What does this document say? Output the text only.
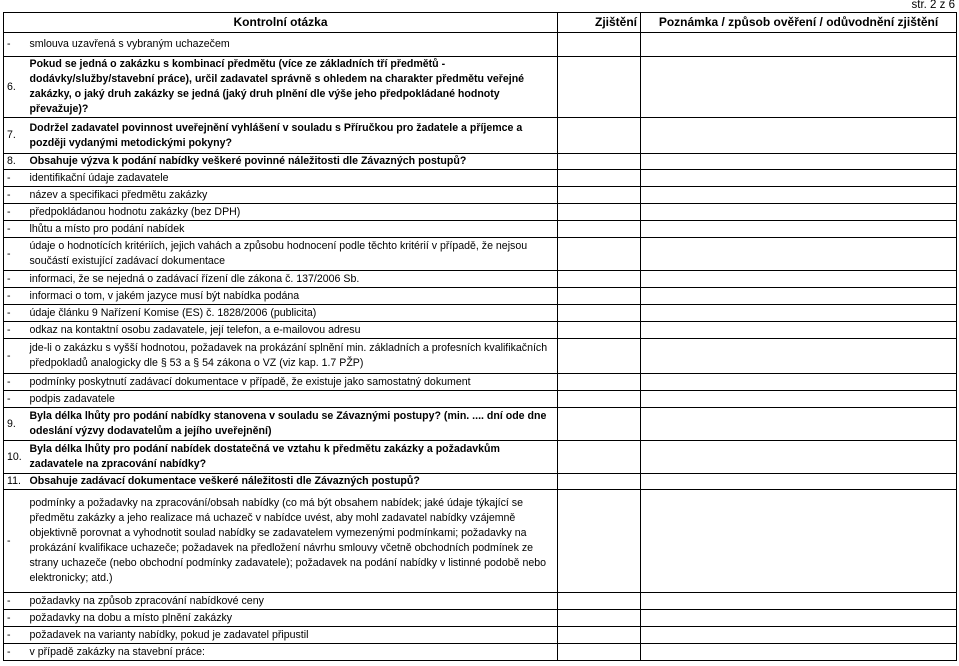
str. 2 z 6
Kontrolní otázka		Zjištění	Poznámka / způsob ověření / odůvodnění zjištění
-	smlouva uzavřená s vybraným uchazečem		
6.	Pokud se jedná o zakázku s kombinací předmětu (více ze základních tří předmětů - dodávky/služby/stavební práce), určil zadavatel správně s ohledem na charakter předmětu veřejné zakázky, o jaký druh zakázky se jedná (jaký druh plnění dle výše jeho předpokládané hodnoty převažuje)?		
7.	Dodržel zadavatel povinnost uveřejnění vyhlášení v souladu s Příručkou pro žadatele a příjemce a později vydanými metodickými pokyny?		
8.	Obsahuje výzva k podání nabídky veškeré povinné náležitosti dle Závazných postupů?		
-	identifikační údaje zadavatele		
-	název a specifikaci předmětu zakázky		
-	předpokládanou hodnotu zakázky (bez DPH)		
-	lhůtu a místo pro podání nabídek		
-	údaje o hodnotících kritériích, jejich vahách a způsobu hodnocení podle těchto kritérií v případě, že nejsou součástí existující zadávací dokumentace		
-	informaci, že se nejedná o zadávací řízení dle zákona č. 137/2006 Sb.		
-	informaci o tom, v jakém jazyce musí být nabídka podána		
-	údaje článku 9 Nařízení Komise (ES) č. 1828/2006 (publicita)		
-	odkaz na kontaktní osobu zadavatele, její telefon, a e-mailovou adresu		
-	jde-li o zakázku s vyšší hodnotou, požadavek na prokázání splnění min. základních a profesních kvalifikačních předpokladů analogicky dle § 53 a § 54 zákona o VZ (viz kap. 1.7 PŽP)		
-	podmínky poskytnutí zadávací dokumentace v případě, že existuje jako samostatný dokument		
-	podpis zadavatele		
9.	Byla délka lhůty pro podání nabídky stanovena v souladu se Závaznými postupy? (min. .... dní ode dne odeslání výzvy dodavatelům a jejího uveřejnění)		
10.	Byla délka lhůty pro podání nabídek dostatečná ve vztahu k předmětu zakázky a požadavkům zadavatele na zpracování nabídky?		
11.	Obsahuje zadávací dokumentace veškeré náležitosti dle Závazných postupů?		
-	podmínky a požadavky na zpracování/obsah nabídky (co má být obsahem nabídek; jaké údaje týkající se předmětu zakázky a jeho realizace má uchazeč v nabídce uvést, aby mohl zadavatel nabídky vzájemně objektivně porovnat a vyhodnotit soulad nabídky se zadavatelem vymezenými podmínkami; požadavky na prokázání kvalifikace uchazeče; požadavek na předložení návrhu smlouvy včetně obchodních podmínek ze strany uchazeče (nebo obchodní podmínky zadavatele); požadavek na podání nabídky v listinné podobě nebo elektronicky; atd.)		
-	požadavky na způsob zpracování nabídkové ceny		
-	požadavky na dobu a místo plnění zakázky		
-	požadavek na varianty nabídky, pokud je zadavatel připustil		
-	v případě zakázky na stavební práce:		
